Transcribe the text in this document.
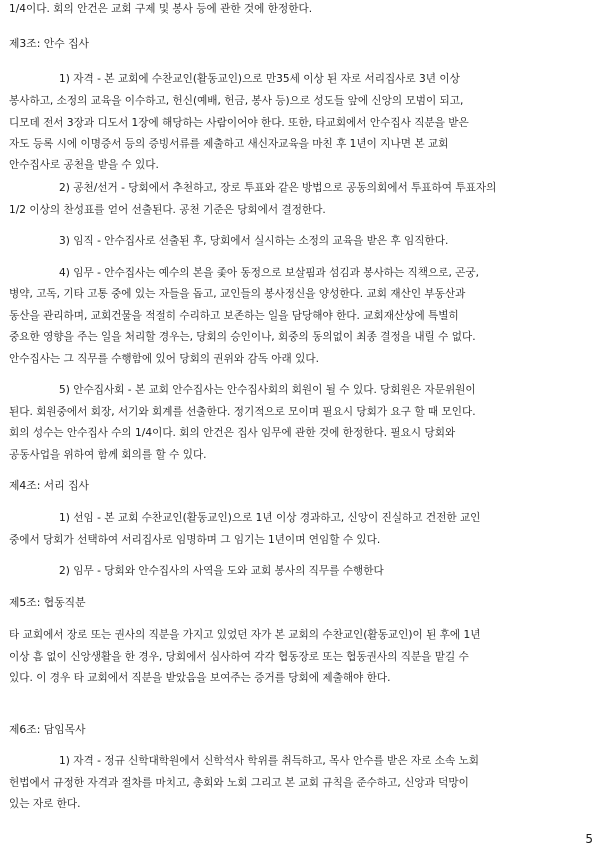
1/4이다. 회의 안건은 교회 구제 및 봉사 등에 관한 것에 한정한다.
제3조: 안수 집사
1) 자격 - 본 교회에 수찬교인(활동교인)으로 만35세 이상 된 자로 서리집사로 3년 이상
봉사하고, 소정의 교육을 이수하고, 헌신(예배, 헌금, 봉사 등)으로 성도들 앞에 신앙의 모범이 되고,
디모데 전서 3장과 디도서 1장에 해당하는 사람이어야 한다. 또한, 타교회에서 안수집사 직분을 받은
자도 등록 시에 이명증서 등의 증빙서류를 제출하고 새신자교육을 마친 후 1년이 지나면 본 교회
안수집사로 공천을 받을 수 있다.
2) 공천/선거 - 당회에서 추천하고, 장로 투표와 같은 방법으로 공동의회에서 투표하여 투표자의
1/2 이상의 찬성표를 얻어 선출된다. 공천 기준은 당회에서 결정한다.
3) 임직 - 안수집사로 선출된 후, 당회에서 실시하는 소정의 교육을 받은 후 임직한다.
4) 임무 - 안수집사는 예수의 본을 좇아 동정으로 보살핌과 섬김과 봉사하는 직책으로, 곤궁,
병약, 고독, 기타 고통 중에 있는 자들을 돕고, 교인들의 봉사정신을 양성한다. 교회 재산인 부동산과
동산을 관리하며, 교회건물을 적절히 수리하고 보존하는 일을 담당해야 한다. 교회재산상에 특별히
중요한 영향을 주는 일을 처리할 경우는, 당회의 승인이나, 회중의 동의없이 최종 결정을 내릴 수 없다.
안수집사는 그 직무를 수행함에 있어 당회의 권위와 감독 아래 있다.
5) 안수집사회 - 본 교회 안수집사는 안수집사회의 회원이 될 수 있다. 당회원은 자문위원이
된다. 회원중에서 회장, 서기와 회계를 선출한다. 정기적으로 모이며 필요시 당회가 요구 할 때 모인다.
회의 성수는 안수집사 수의 1/4이다. 회의 안건은 집사 임무에 관한 것에 한정한다. 필요시 당회와
공동사업을 위하여 함께 회의를 할 수 있다.
제4조: 서리 집사
1) 선임 - 본 교회 수찬교인(활동교인)으로 1년 이상 경과하고, 신앙이 진실하고 건전한 교인
중에서 당회가 선택하여 서리집사로 임명하며 그 임기는 1년이며 연임할 수 있다.
2) 임무 - 당회와 안수집사의 사역을 도와 교회 봉사의 직무를 수행한다
제5조: 협동직분
타 교회에서 장로 또는 권사의 직분을 가지고 있었던 자가 본 교회의 수찬교인(활동교인)이 된 후에 1년
이상 흠 없이 신앙생활을 한 경우, 당회에서 심사하여 각각 협동장로 또는 협동권사의 직분을 맡길 수
있다. 이 경우 타 교회에서 직분을 받았음을 보여주는 증거를 당회에 제출해야 한다.
제6조: 담임목사
1) 자격 - 정규 신학대학원에서 신학석사 학위를 취득하고, 목사 안수를 받은 자로 소속 노회
헌법에서 규정한 자격과 절차를 마치고, 총회와 노회 그리고 본 교회 규칙을 준수하고, 신앙과 덕망이
있는 자로 한다.
5
